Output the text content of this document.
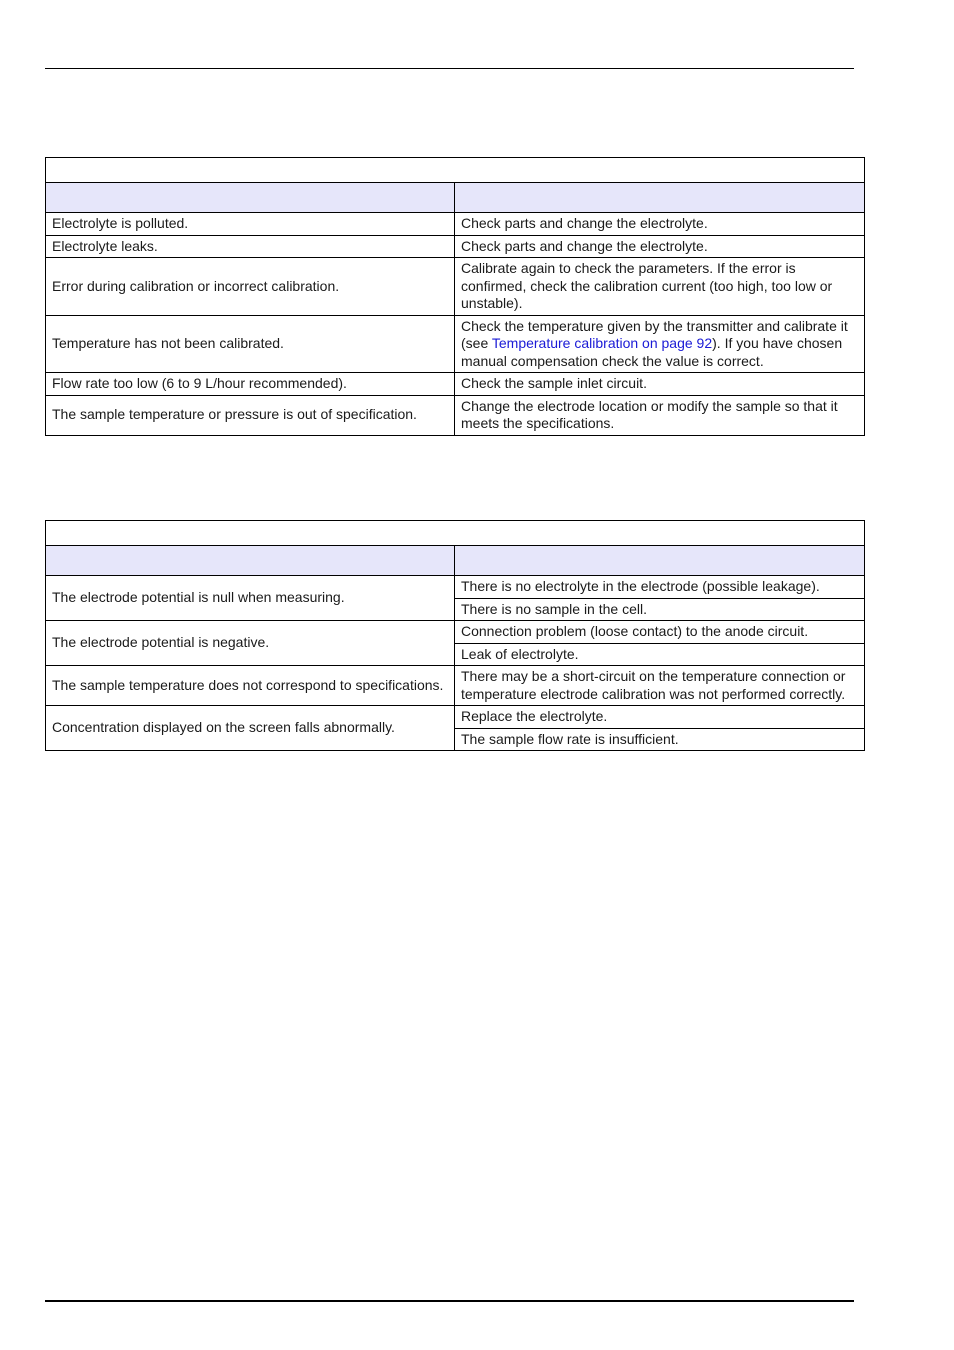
Electrolyte is polluted.	Check parts and change the electrolyte.
Electrolyte leaks.	Check parts and change the electrolyte.
Error during calibration or incorrect calibration.	Calibrate again to check the parameters. If the error is confirmed, check the calibration current (too high, too low or unstable).
Temperature has not been calibrated.	Check the temperature given by the transmitter and calibrate it (see Temperature calibration on page 92). If you have chosen manual compensation check the value is correct.
Flow rate too low (6 to 9 L/hour recommended).	Check the sample inlet circuit.
The sample temperature or pressure is out of specification.	Change the electrode location or modify the sample so that it meets the specifications.

The electrode potential is null when measuring.	There is no electrolyte in the electrode (possible leakage).
	There is no sample in the cell.
The electrode potential is negative.	Connection problem (loose contact) to the anode circuit.
	Leak of electrolyte.
The sample temperature does not correspond to specifications.	There may be a short-circuit on the temperature connection or temperature electrode calibration was not performed correctly.
Concentration displayed on the screen falls abnormally.	Replace the electrolyte.
	The sample flow rate is insufficient.
